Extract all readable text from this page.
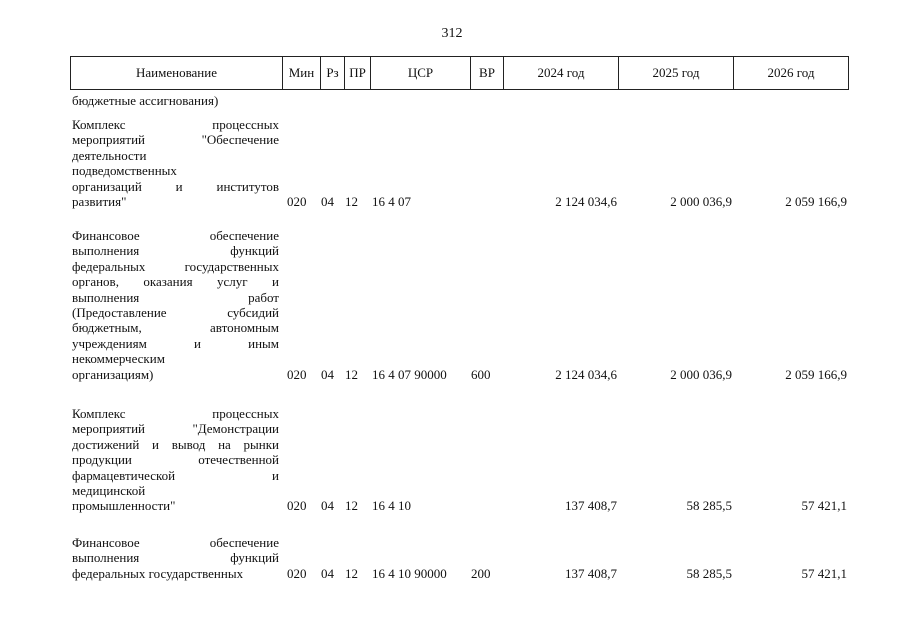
312
Наименование	Мин Рз ПР	ЦСР	ВР	2024 год	2025 год	2026 год
бюджетные ассигнования)
Комплекс процессных
мероприятий "Обеспечение
деятельности
подведомственных
организаций и институтов
развития"	020	04 12	16 4 07	2 124 034,6	2 000 036,9	2 059 166,9
Финансовое обеспечение
выполнения функций
федеральных государственных
органов, оказания услуг и
выполнения работ
(Предоставление субсидий
бюджетным, автономным
учреждениям и иным
некоммерческим
организациям)	020	04 12	16 4 07 90000	600	2 124 034,6	2 000 036,9	2 059 166,9
Комплекс процессных
мероприятий "Демонстрации
достижений и вывод на рынки
продукции отечественной
фармацевтической и
медицинской
промышленности"	020	04 12	16 4 10	137 408,7	58 285,5	57 421,1
Финансовое обеспечение
выполнения функций
федеральных государственных	020	04 12	16 4 10 90000	200	137 408,7	58 285,5	57 421,1
